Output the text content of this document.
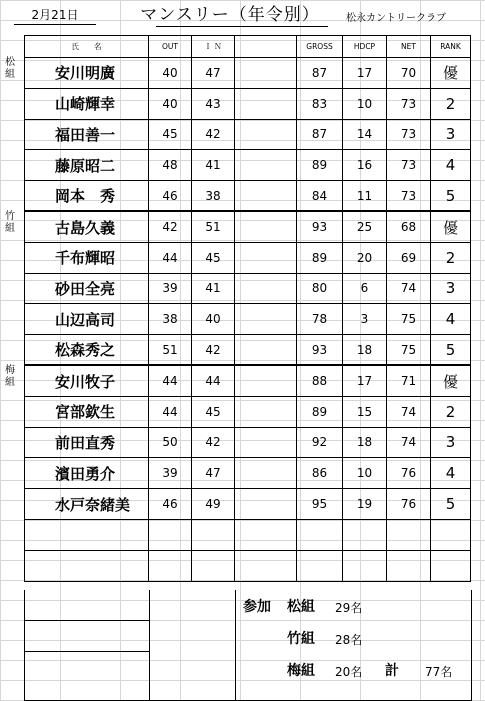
2月21日	マンスリー（年令別）	松永カントリークラブ
松
組
竹
組
梅
組
氏　　名	OUT	Ｉ Ｎ		GROSS	HDCP	NET	RANK
安川明廣	40	47		87	17	70	優
山崎輝幸	40	43		83	10	73	2
福田善一	45	42		87	14	73	3
藤原昭二	48	41		89	16	73	4
岡本　秀	46	38		84	11	73	5
古島久義	42	51		93	25	68	優
千布輝昭	44	45		89	20	69	2
砂田全亮	39	41		80	6	74	3
山辺高司	38	40		78	3	75	4
松森秀之	51	42		93	18	75	5
安川牧子	44	44		88	17	71	優
宮部欽生	44	45		89	15	74	2
前田直秀	50	42		92	18	74	3
濱田勇介	39	47		86	10	76	4
水戸奈緒美	46	49		95	19	76	5

参加 松組 29名
竹組 28名
梅組 20名 計 77名
